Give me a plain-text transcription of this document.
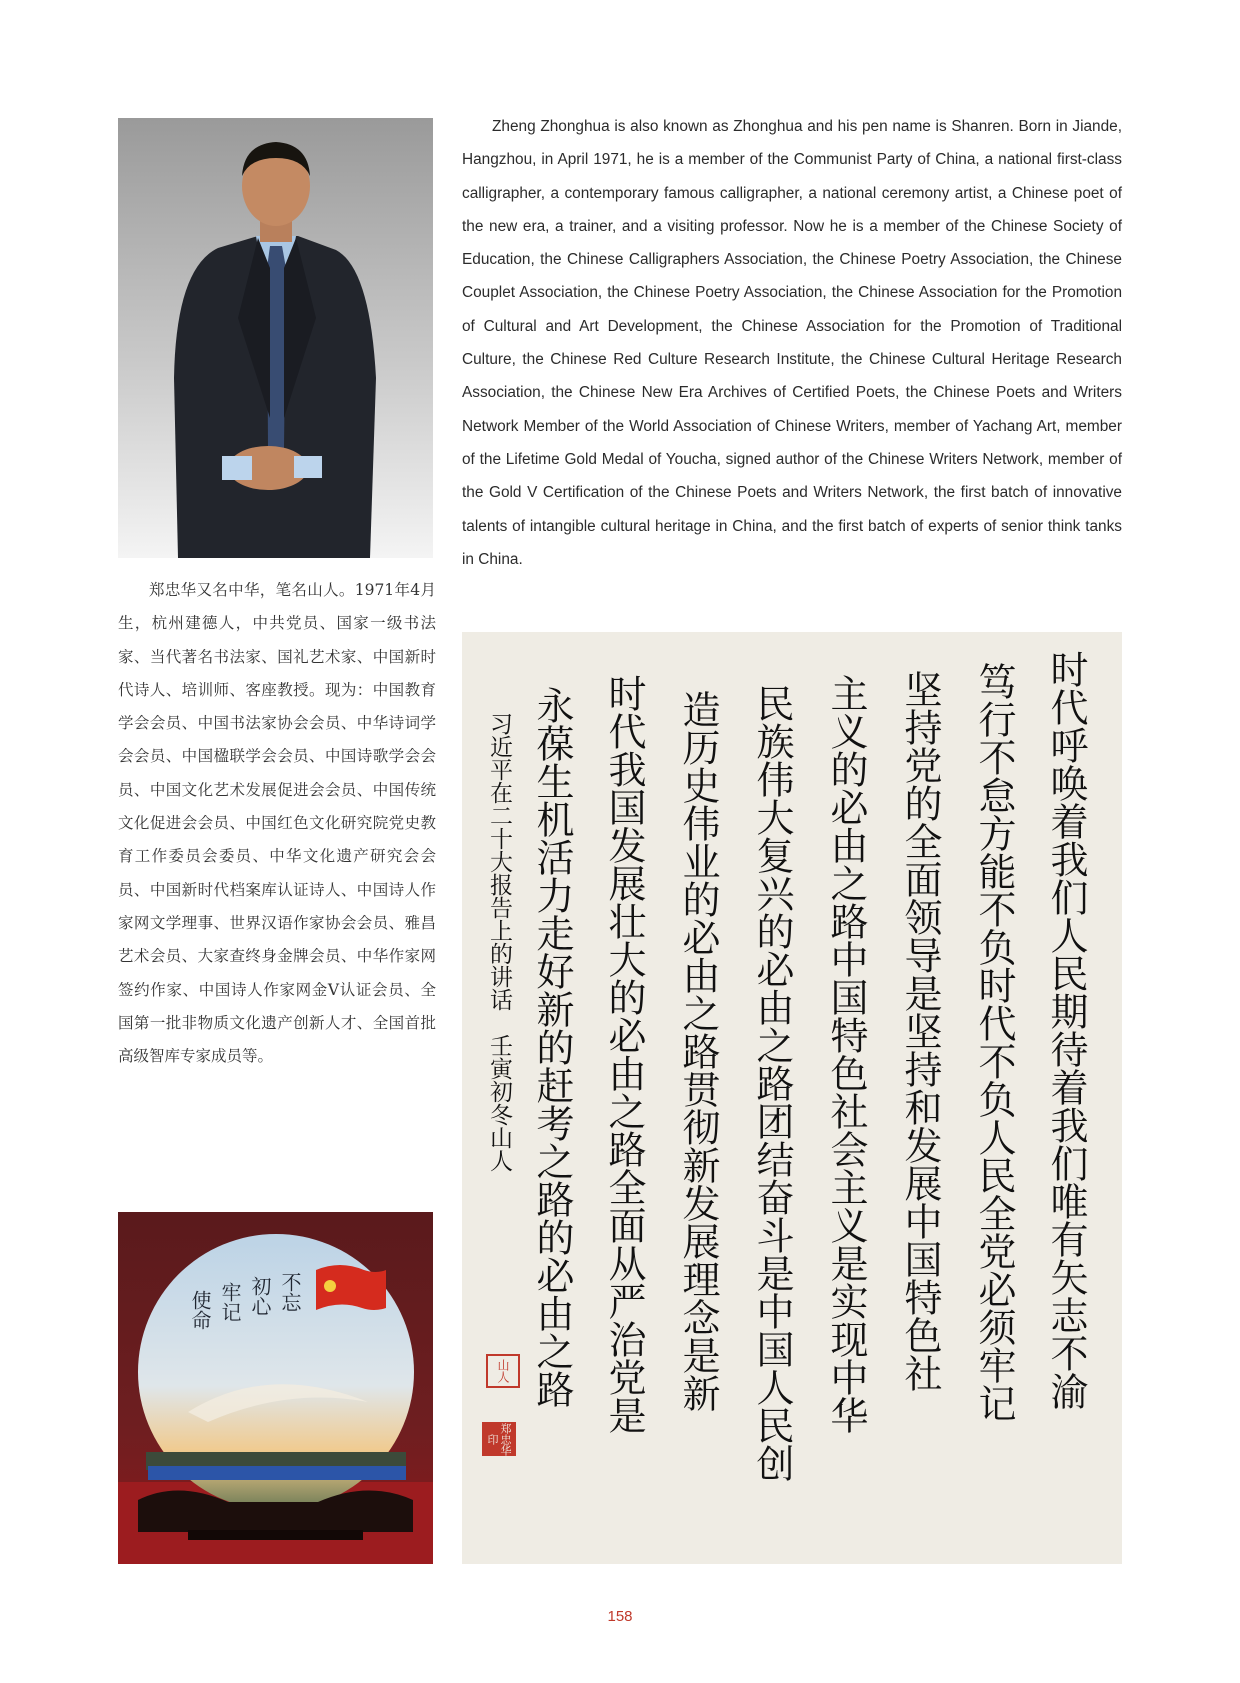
郑忠华又名中华，笔名山人。1971年4月生，杭州建德人，中共党员、国家一级书法家、当代著名书法家、国礼艺术家、中国新时代诗人、培训师、客座教授。现为：中国教育学会会员、中国书法家协会会员、中华诗词学会会员、中国楹联学会会员、中国诗歌学会会员、中国文化艺术发展促进会会员、中国传统文化促进会会员、中国红色文化研究院党史教育工作委员会委员、中华文化遗产研究会会员、中国新时代档案库认证诗人、中国诗人作家网文学理事、世界汉语作家协会会员、雅昌艺术会员、大家查终身金牌会员、中华作家网签约作家、中国诗人作家网金V认证会员、全国第一批非物质文化遗产创新人才、全国首批高级智库专家成员等。

Zheng Zhonghua is also known as Zhonghua and his pen name is Shanren. Born in Jiande, Hangzhou, in April 1971, he is a member of the Communist Party of China, a national first-class calligrapher, a contemporary famous calligrapher, a national ceremony artist, a Chinese poet of the new era, a trainer, and a visiting professor. Now he is a member of the Chinese Society of Education, the Chinese Calligraphers Association, the Chinese Poetry Association, the Chinese Couplet Association, the Chinese Poetry Association, the Chinese Association for the Promotion of Cultural and Art Development, the Chinese Association for the Promotion of Traditional Culture, the Chinese Red Culture Research Institute, the Chinese Cultural Heritage Research Association, the Chinese New Era Archives of Certified Poets, the Chinese Poets and Writers Network Member of the World Association of Chinese Writers, member of Yachang Art, member of the Lifetime Gold Medal of Youcha, signed author of the Chinese Writers Network, member of the Gold V Certification of the Chinese Poets and Writers Network, the first batch of innovative talents of intangible cultural heritage in China, and the first batch of experts of senior think tanks in China.

不忘
初心
牢记
使命	时代呼唤着我们人民期待着我们唯有矢志不渝
笃行不怠方能不负时代不负人民全党必须牢记
坚持党的全面领导是坚持和发展中国特色社
主义的必由之路中国特色社会主义是实现中华
民族伟大复兴的必由之路团结奋斗是中国人民创
造历史伟业的必由之路贯彻新发展理念是新
时代我国发展壮大的必由之路全面从严治党是
永葆生机活力走好新的赶考之路的必由之路
习近平在二十大报告上的讲话　壬寅初冬山人
山人
郑忠华印
158
